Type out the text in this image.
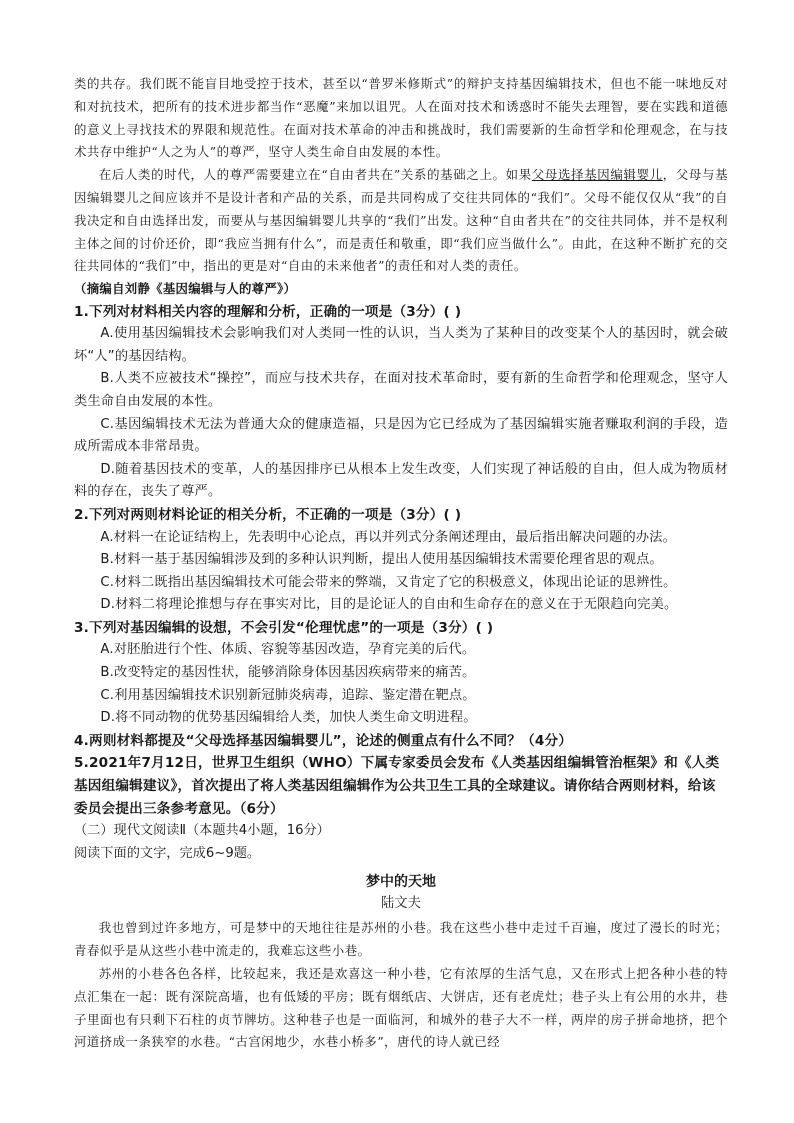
类的共存。我们既不能盲目地受控于技术，甚至以“普罗米修斯式”的辩护支持基因编辑技术，但也不能一味地反对和对抗技术，把所有的技术进步都当作“恶魔”来加以诅咒。人在面对技术和诱惑时不能失去理智，要在实践和道德的意义上寻找技术的界限和规范性。在面对技术革命的冲击和挑战时，我们需要新的生命哲学和伦理观念，在与技术共存中维护“人之为人”的尊严，坚守人类生命自由发展的本性。

在后人类的时代，人的尊严需要建立在“自由者共在”关系的基础之上。如果父母选择基因编辑婴儿，父母与基因编辑婴儿之间应该并不是设计者和产品的关系，而是共同构成了交往共同体的“我们”。父母不能仅仅从“我”的自我决定和自由选择出发，而要从与基因编辑婴儿共享的“我们”出发。这种“自由者共在”的交往共同体，并不是权利主体之间的讨价还价，即“我应当拥有什么”，而是责任和敬重，即“我们应当做什么”。由此，在这种不断扩充的交往共同体的“我们”中，指出的更是对“自由的未来他者”的责任和对人类的责任。

（摘编自刘静《基因编辑与人的尊严》）

1.下列对材料相关内容的理解和分析，正确的一项是（3分）( )

A.使用基因编辑技术会影响我们对人类同一性的认识，当人类为了某种目的改变某个人的基因时，就会破坏“人”的基因结构。

B.人类不应被技术“操控”，而应与技术共存，在面对技术革命时，要有新的生命哲学和伦理观念，坚守人类生命自由发展的本性。

C.基因编辑技术无法为普通大众的健康造福，只是因为它已经成为了基因编辑实施者赚取利润的手段，造成所需成本非常昂贵。

D.随着基因技术的变革，人的基因排序已从根本上发生改变，人们实现了神话般的自由，但人成为物质材料的存在，丧失了尊严。

2.下列对两则材料论证的相关分析，不正确的一项是（3分）( )

A.材料一在论证结构上，先表明中心论点，再以并列式分条阐述理由，最后指出解决问题的办法。

B.材料一基于基因编辑涉及到的多种认识判断，提出人使用基因编辑技术需要伦理省思的观点。

C.材料二既指出基因编辑技术可能会带来的弊端，又肯定了它的积极意义，体现出论证的思辨性。

D.材料二将理论推想与存在事实对比，目的是论证人的自由和生命存在的意义在于无限趋向完美。

3.下列对基因编辑的设想，不会引发“伦理忧虑”的一项是（3分）( )

A.对胚胎进行个性、体质、容貌等基因改造，孕育完美的后代。

B.改变特定的基因性状，能够消除身体因基因疾病带来的痛苦。

C.利用基因编辑技术识别新冠肺炎病毒，追踪、鉴定潜在靶点。

D.将不同动物的优势基因编辑给人类，加快人类生命文明进程。

4.两则材料都提及“父母选择基因编辑婴儿”，论述的侧重点有什么不同？（4分）

5.2021年7月12日，世界卫生组织（WHO）下属专家委员会发布《人类基因组编辑管治框架》和《人类基因组编辑建议》，首次提出了将人类基因组编辑作为公共卫生工具的全球建议。请你结合两则材料，给该委员会提出三条参考意见。（6分）

（二）现代文阅读Ⅱ（本题共4小题，16分）

阅读下面的文字，完成6~9题。

梦中的天地

陆文夫

我也曾到过许多地方，可是梦中的天地往往是苏州的小巷。我在这些小巷中走过千百遍，度过了漫长的时光；青春似乎是从这些小巷中流走的，我难忘这些小巷。

苏州的小巷各色各样，比较起来，我还是欢喜这一种小巷，它有浓厚的生活气息，又在形式上把各种小巷的特点汇集在一起：既有深院高墙，也有低矮的平房；既有烟纸店、大饼店，还有老虎灶；巷子头上有公用的水井，巷子里面也有只剩下石柱的贞节牌坊。这种巷子也是一面临河，和城外的巷子大不一样，两岸的房子拼命地挤，把个河道挤成一条狭窄的水巷。“古宫闲地少，水巷小桥多”，唐代的诗人就已经
